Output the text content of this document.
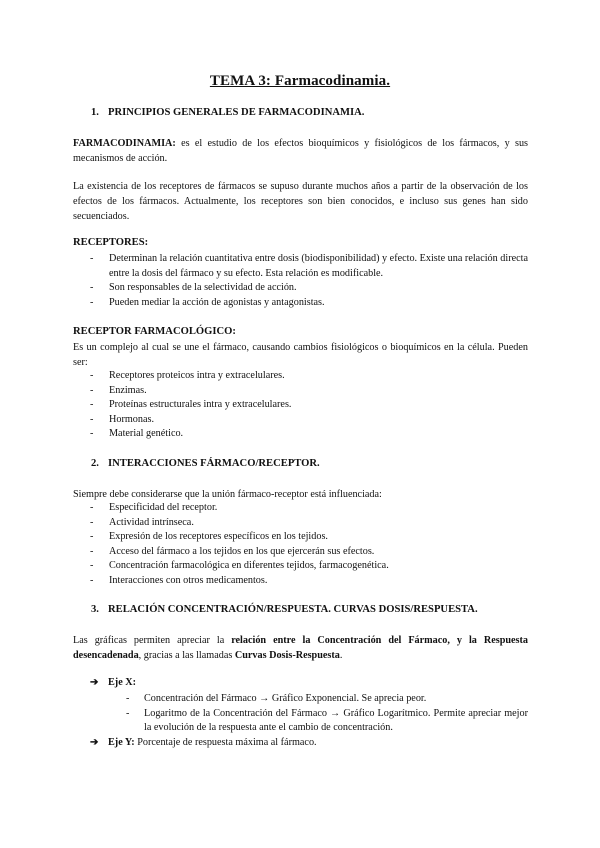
TEMA 3: Farmacodinamia.
1. PRINCIPIOS GENERALES DE FARMACODINAMIA.
FARMACODINAMIA: es el estudio de los efectos bioquímicos y fisiológicos de los fármacos, y sus mecanismos de acción.
La existencia de los receptores de fármacos se supuso durante muchos años a partir de la observación de los efectos de los fármacos. Actualmente, los receptores son bien conocidos, e incluso sus genes han sido secuenciados.
RECEPTORES:
- Determinan la relación cuantitativa entre dosis (biodisponibilidad) y efecto. Existe una relación directa entre la dosis del fármaco y su efecto. Esta relación es modificable.
- Son responsables de la selectividad de acción.
- Pueden mediar la acción de agonistas y antagonistas.
RECEPTOR FARMACOLÓGICO:
Es un complejo al cual se une el fármaco, causando cambios fisiológicos o bioquímicos en la célula. Pueden ser:
- Receptores proteicos intra y extracelulares.
- Enzimas.
- Proteínas estructurales intra y extracelulares.
- Hormonas.
- Material genético.
2. INTERACCIONES FÁRMACO/RECEPTOR.
Siempre debe considerarse que la unión fármaco-receptor está influenciada:
- Especificidad del receptor.
- Actividad intrínseca.
- Expresión de los receptores específicos en los tejidos.
- Acceso del fármaco a los tejidos en los que ejercerán sus efectos.
- Concentración farmacológica en diferentes tejidos, farmacogenética.
- Interacciones con otros medicamentos.
3. RELACIÓN CONCENTRACIÓN/RESPUESTA. CURVAS DOSIS/RESPUESTA.
Las gráficas permiten apreciar la relación entre la Concentración del Fármaco, y la Respuesta desencadenada, gracias a las llamadas Curvas Dosis-Respuesta.
➔ Eje X:
- Concentración del Fármaco → Gráfico Exponencial. Se aprecia peor.
- Logaritmo de la Concentración del Fármaco → Gráfico Logarítmico. Permite apreciar mejor la evolución de la respuesta ante el cambio de concentración.
➔ Eje Y: Porcentaje de respuesta máxima al fármaco.
